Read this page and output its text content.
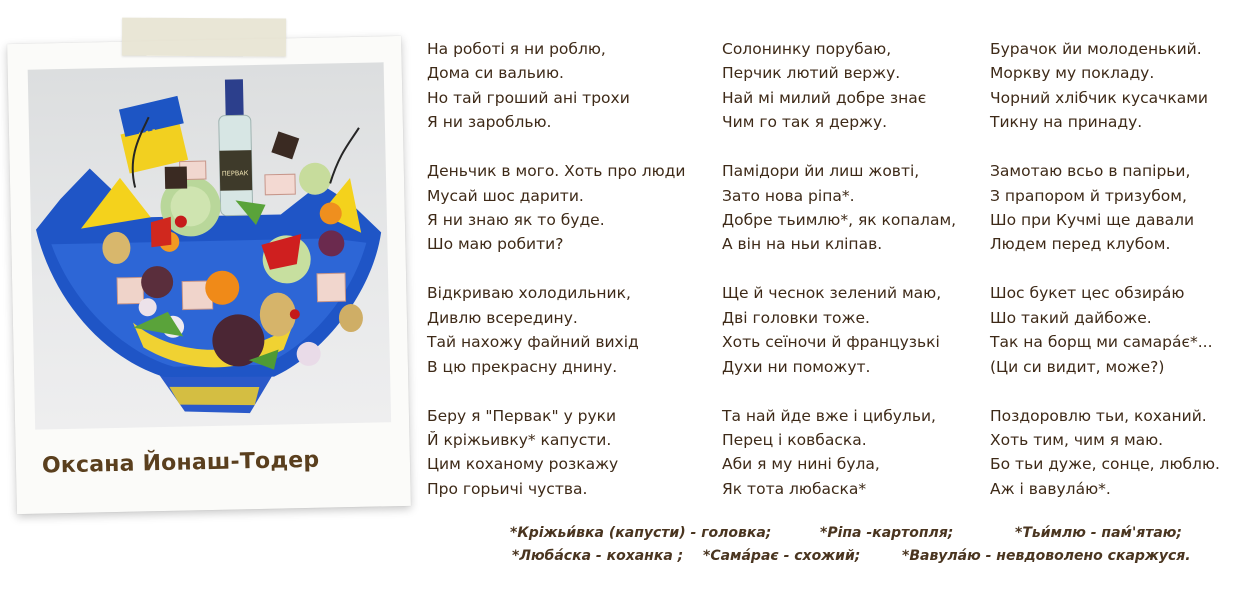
Ψ
ПЕРВАК
Оксана Йонаш-Тодер
На роботі я ни роблю,
Дома си вальию.
Но тай гроший ані трохи
Я ни зароблью.
Деньчик в мого. Хоть про люди
Мусай шос дарити.
Я ни знаю як то буде.
Шо маю робити?
Відкриваю холодильник,
Дивлю всередину.
Тай нахожу файний вихід
В цю прекрасну днину.
Беру я "Первак" у руки
Й кріжьивку* капусти.
Цим коханому розкажу
Про горьичі чуства.
Солонинку порубаю,
Перчик лютий вержу.
Най мі милий добре знає
Чим го так я держу.
Памідори йи лиш жовті,
Зато нова ріпа*.
Добре тьимлю*, як копалам,
А він на ньи кліпав.
Ще й чеснок зелений маю,
Дві головки тоже.
Хоть сеїночи й французькі
Духи ни поможут.
Та най йде вже і цибульи,
Перец і ковбаска.
Аби я му нині була,
Як тота любаска*
Бурачок йи молоденький.
Моркву му покладу.
Чорний хлібчик кусачками
Тикну на принаду.
Замотаю всьо в папірьи,
З прапором й тризубом,
Шо при Кучмі ще давали
Людем перед клубом.
Шос букет цес обзира́ю
Шо такий дайбоже.
Так на борщ ми самара́є*...
(Ци си видит, може?)
Поздоровлю тьи, коханий.
Хоть тим, чим я маю.
Бо тьи дуже, сонце, люблю.
Аж і вавула́ю*.
*Кріжьи́вка (капусти) - головка;	*Ріпа -картопля;	*Тьи́млю - пам́'ятаю;
*Люба́ска - коханка ; *Сама́рає - схожий;	*Вавула́ю - невдоволено скаржуся.
